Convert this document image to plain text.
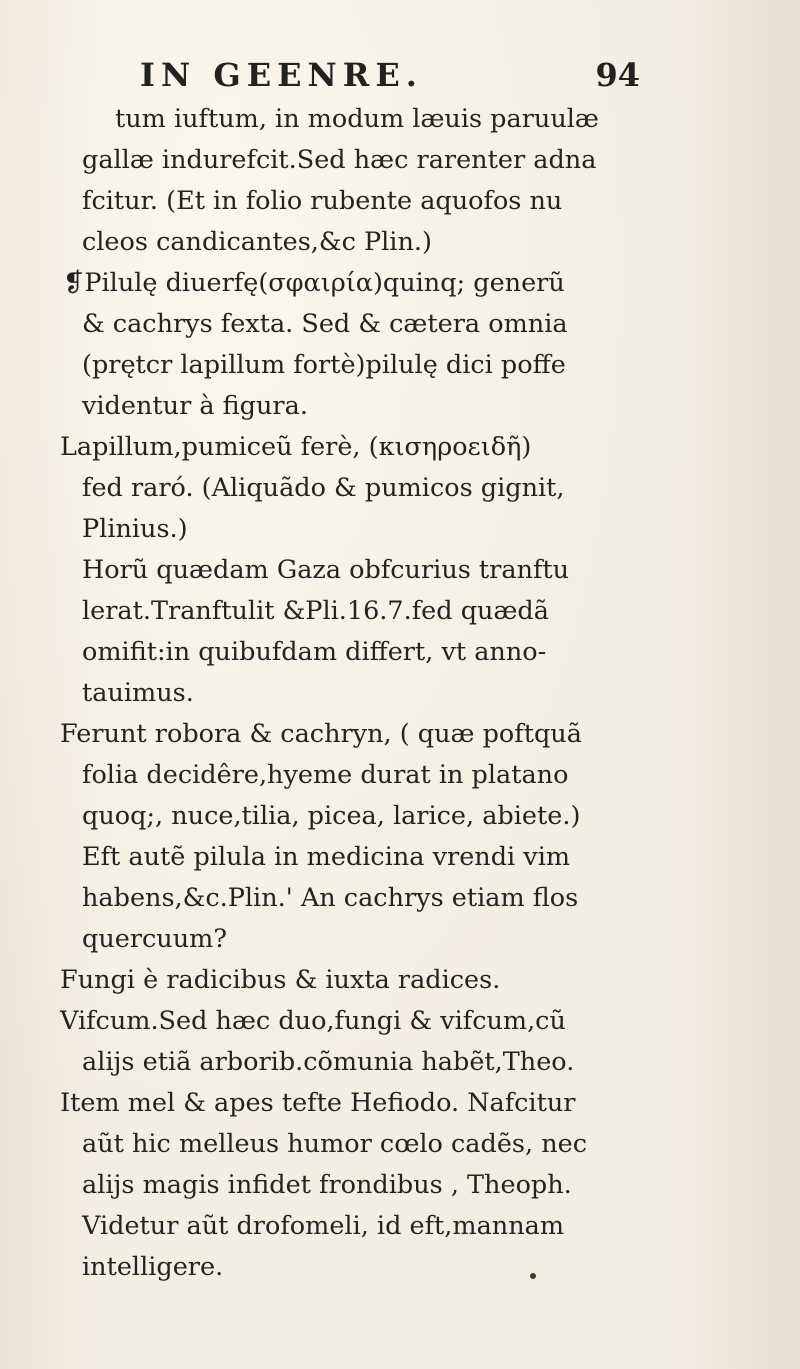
IN GEENRE.	94
tum iuftum, in modum læuis paruulæ
gallæ indurefcit.Sed hæc rarenter adna
fcitur. (Et in folio rubente aquofos nu
cleos candicantes,&c Plin.)
❡Pilulę diuerfę(σφαιρία)quinq; generũ
& cachrys fexta. Sed & cætera omnia
(prętcr lapillum fortè)pilulę dici poffe
videntur à figura.
Lapillum,pumiceũ ferè, (κισηροειδῆ)
fed raró. (Aliquãdo & pumicos gignit,
Plinius.)
Horũ quædam Gaza obfcurius tranftu
lerat.Tranftulit &Pli.16.7.fed quædã
omifit:in quibufdam differt, vt anno-
tauimus.
Ferunt robora & cachryn, ( quæ poftquã
folia decidêre,hyeme durat in platano
quoq;, nuce,tilia, picea, larice, abiete.)
Eft autẽ pilula in medicina vrendi vim
habens,&c.Plin.' An cachrys etiam flos
quercuum?
Fungi è radicibus & iuxta radices.
Vifcum.Sed hæc duo,fungi & vifcum,cũ
alijs etiã arborib.cõmunia habẽt,Theo.
Item mel & apes tefte Hefiodo. Nafcitur
aũt hic melleus humor cœlo cadẽs, nec
alijs magis infidet frondibus , Theoph.
Videtur aũt drofomeli, id eft,mannam
intelligere.
